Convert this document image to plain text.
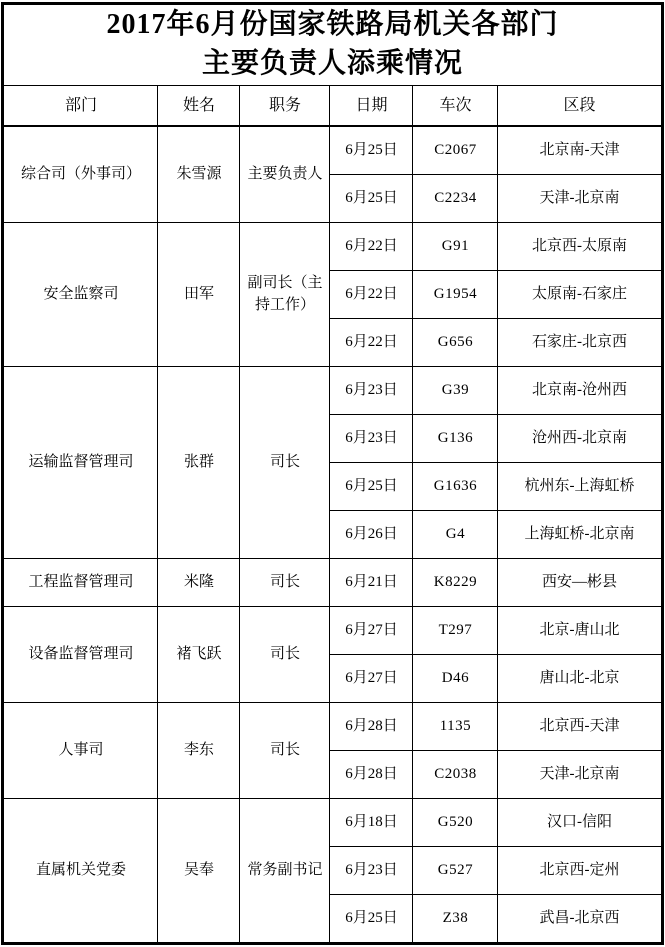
2017年6月份国家铁路局机关各部门
主要负责人添乘情况					

部门	姓名	职务	日期	车次	区段
综合司（外事司）	朱雪源	主要负责人	6月25日	C2067	北京南-天津
			6月25日	C2234	天津-北京南
安全监察司	田军	副司长（主持工作）	6月22日	G91	北京西-太原南
			6月22日	G1954	太原南-石家庄
			6月22日	G656	石家庄-北京西
运输监督管理司	张群	司长	6月23日	G39	北京南-沧州西
			6月23日	G136	沧州西-北京南
			6月25日	G1636	杭州东-上海虹桥
			6月26日	G4	上海虹桥-北京南
工程监督管理司	米隆	司长	6月21日	K8229	西安—彬县
设备监督管理司	褚飞跃	司长	6月27日	T297	北京-唐山北
			6月27日	D46	唐山北-北京
人事司	李东	司长	6月28日	1135	北京西-天津
			6月28日	C2038	天津-北京南
直属机关党委	吴奉	常务副书记	6月18日	G520	汉口-信阳
			6月23日	G527	北京西-定州
			6月25日	Z38	武昌-北京西
